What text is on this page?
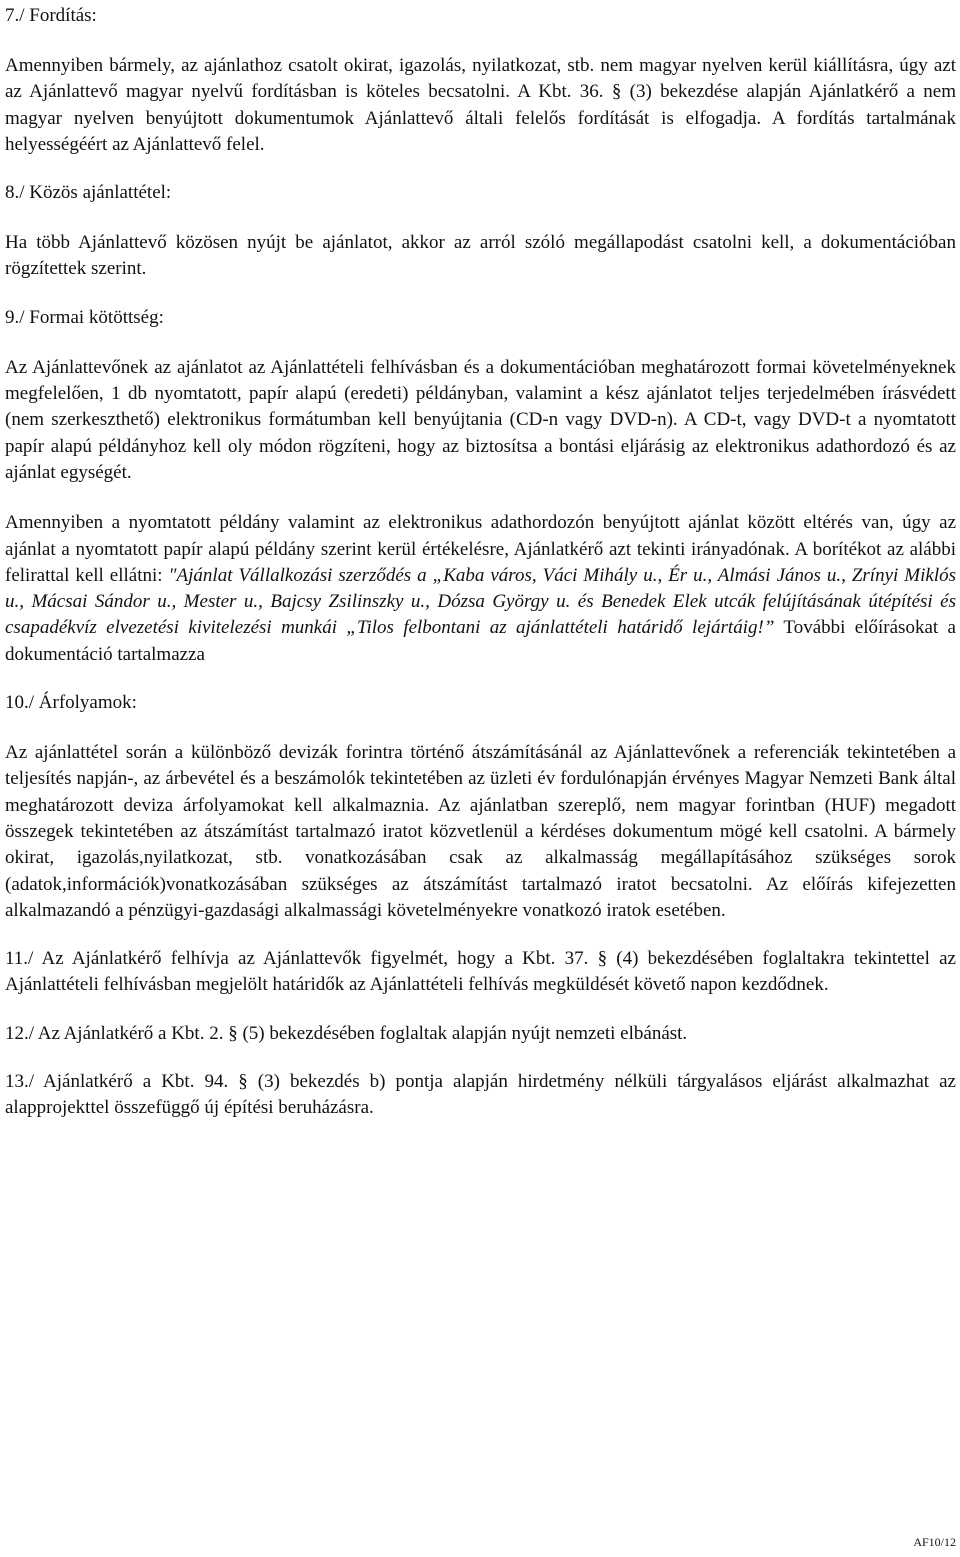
7./ Fordítás:

Amennyiben bármely, az ajánlathoz csatolt okirat, igazolás, nyilatkozat, stb. nem magyar nyelven kerül kiállításra, úgy azt az Ajánlattevő magyar nyelvű fordításban is köteles becsatolni. A Kbt. 36. § (3) bekezdése alapján Ajánlatkérő a nem magyar nyelven benyújtott dokumentumok Ajánlattevő általi felelős fordítását is elfogadja. A fordítás tartalmának helyességéért az Ajánlattevő felel.

8./ Közös ajánlattétel:

Ha több Ajánlattevő közösen nyújt be ajánlatot, akkor az arról szóló megállapodást csatolni kell, a dokumentációban rögzítettek szerint.

9./ Formai kötöttség:

Az Ajánlattevőnek az ajánlatot az Ajánlattételi felhívásban és a dokumentációban meghatározott formai követelményeknek megfelelően, 1 db nyomtatott, papír alapú (eredeti) példányban, valamint a kész ajánlatot teljes terjedelmében írásvédett (nem szerkeszthető) elektronikus formátumban kell benyújtania (CD-n vagy DVD-n). A CD-t, vagy DVD-t a nyomtatott papír alapú példányhoz kell oly módon rögzíteni, hogy az biztosítsa a bontási eljárásig az elektronikus adathordozó és az ajánlat egységét.

Amennyiben a nyomtatott példány valamint az elektronikus adathordozón benyújtott ajánlat között eltérés van, úgy az ajánlat a nyomtatott papír alapú példány szerint kerül értékelésre, Ajánlatkérő azt tekinti irányadónak. A borítékot az alábbi felirattal kell ellátni: "Ajánlat Vállalkozási szerződés a „Kaba város, Váci Mihály u., Ér u., Almási János u., Zrínyi Miklós u., Mácsai Sándor u., Mester u., Bajcsy Zsilinszky u., Dózsa György u. és Benedek Elek utcák felújításának útépítési és csapadékvíz elvezetési kivitelezési munkái „Tilos felbontani az ajánlattételi határidő lejártáig!” További előírásokat a dokumentáció tartalmazza

10./ Árfolyamok:

Az ajánlattétel során a különböző devizák forintra történő átszámításánál az Ajánlattevőnek a referenciák tekintetében a teljesítés napján-, az árbevétel és a beszámolók tekintetében az üzleti év fordulónapján érvényes Magyar Nemzeti Bank által meghatározott deviza árfolyamokat kell alkalmaznia. Az ajánlatban szereplő, nem magyar forintban (HUF) megadott összegek tekintetében az átszámítást tartalmazó iratot közvetlenül a kérdéses dokumentum mögé kell csatolni. A bármely okirat, igazolás,nyilatkozat, stb. vonatkozásában csak az alkalmasság megállapításához szükséges sorok (adatok,információk)vonatkozásában szükséges az átszámítást tartalmazó iratot becsatolni. Az előírás kifejezetten alkalmazandó a pénzügyi-gazdasági alkalmassági követelményekre vonatkozó iratok esetében.

11./ Az Ajánlatkérő felhívja az Ajánlattevők figyelmét, hogy a Kbt. 37. § (4) bekezdésében foglaltakra tekintettel az Ajánlattételi felhívásban megjelölt határidők az Ajánlattételi felhívás megküldését követő napon kezdődnek.

12./ Az Ajánlatkérő a Kbt. 2. § (5) bekezdésében foglaltak alapján nyújt nemzeti elbánást.

13./ Ajánlatkérő a Kbt. 94. § (3) bekezdés b) pontja alapján hirdetmény nélküli tárgyalásos eljárást alkalmazhat az alapprojekttel összefüggő új építési beruházásra.

AF10/12
